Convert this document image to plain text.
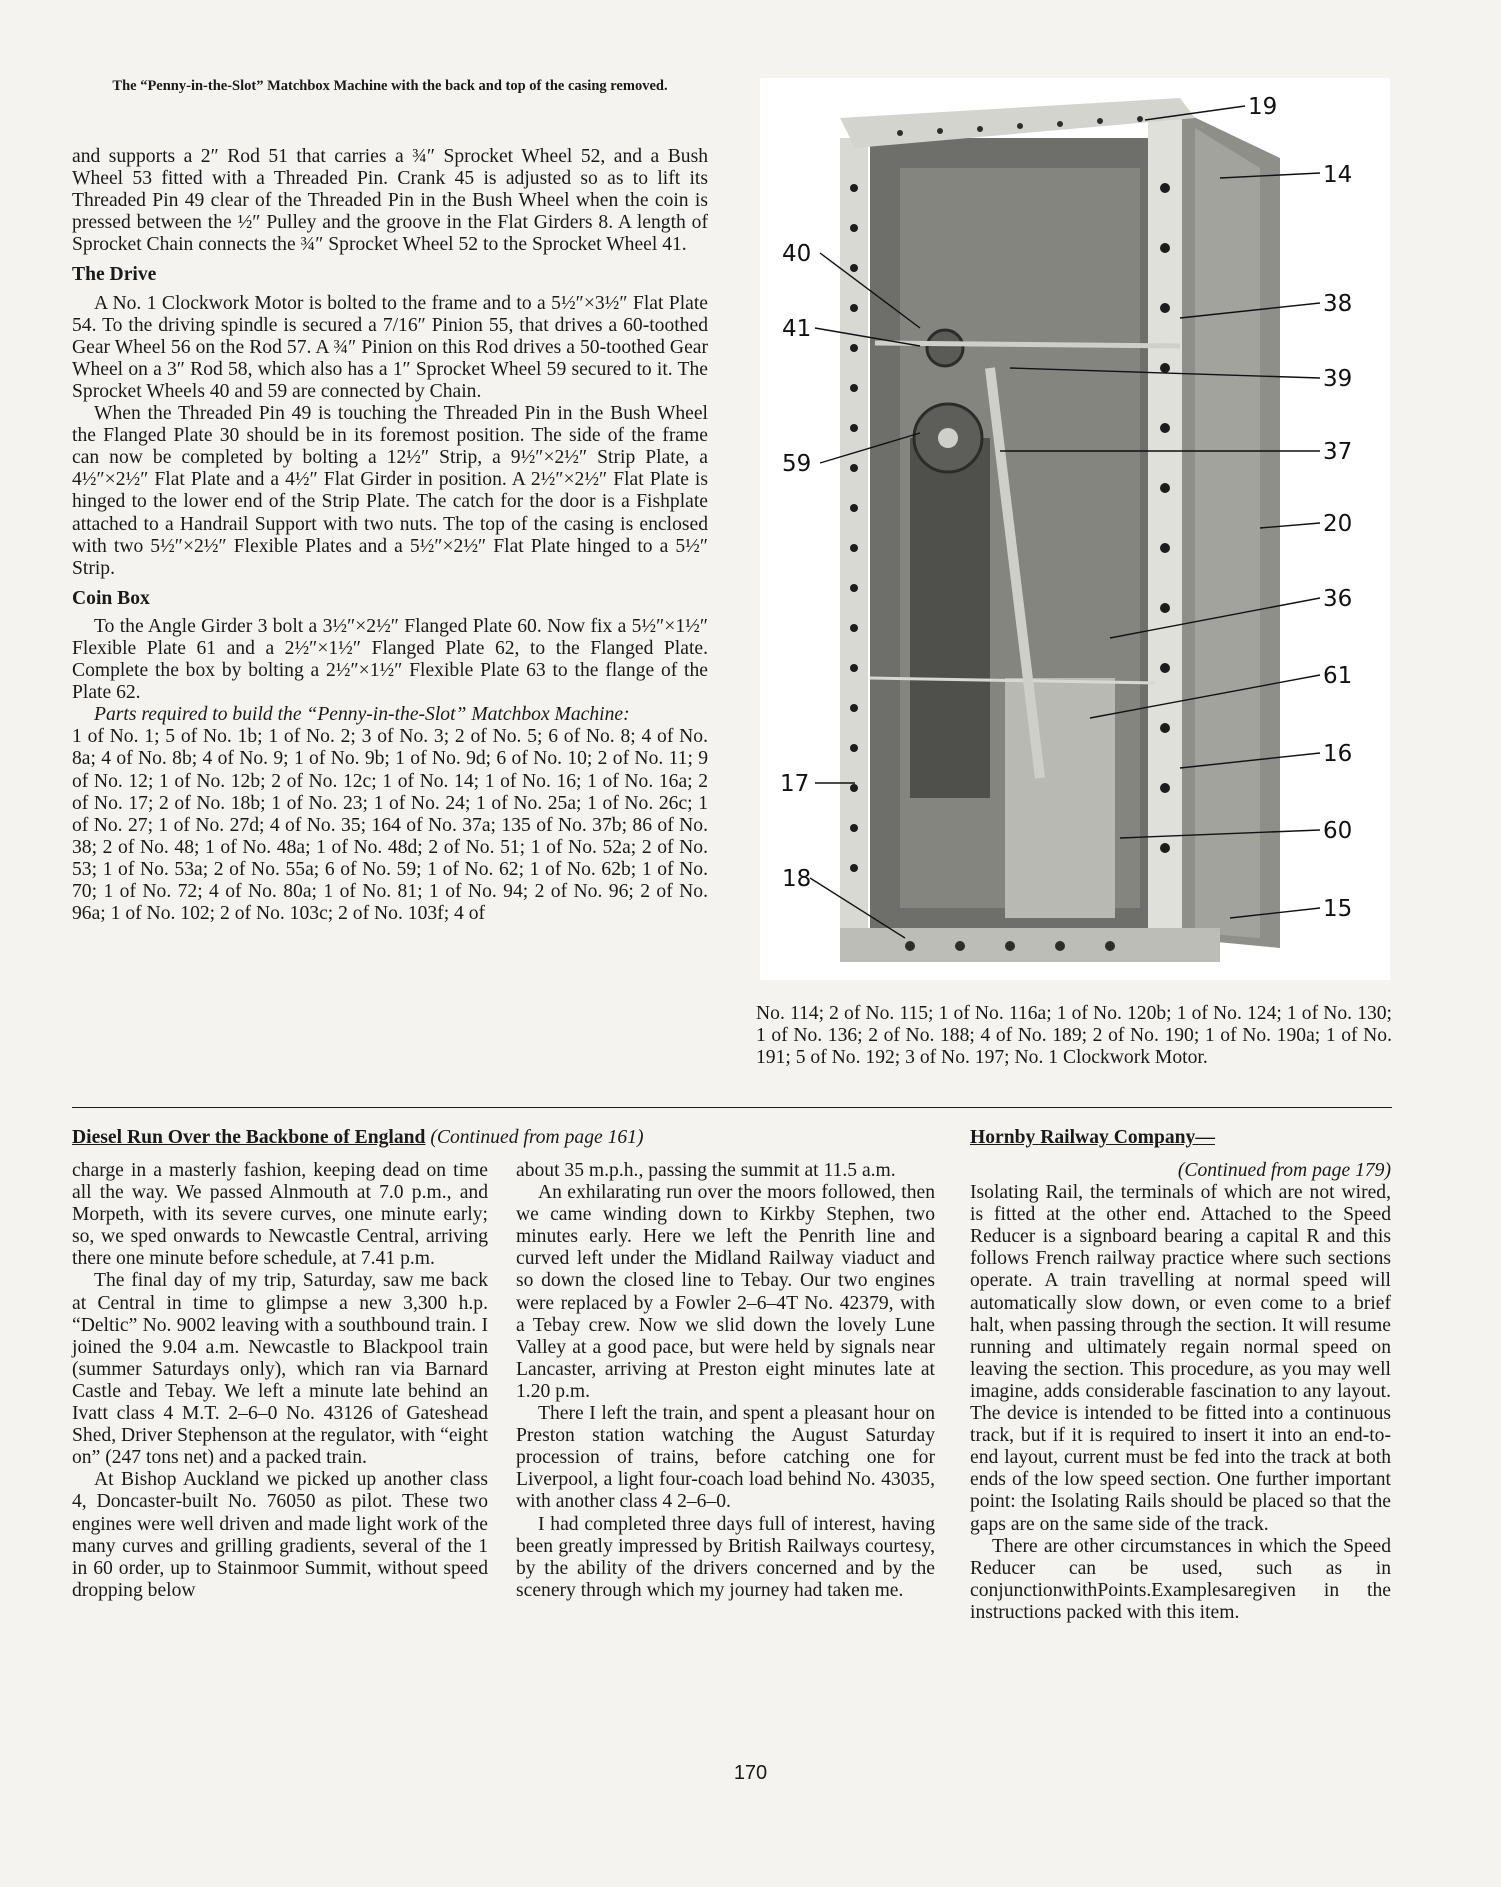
The “Penny-in-the-Slot” Matchbox Machine with the back and top of the casing removed.

and supports a 2″ Rod 51 that carries a ¾″ Sprocket Wheel 52, and a Bush Wheel 53 fitted with a Threaded Pin. Crank 45 is adjusted so as to lift its Threaded Pin 49 clear of the Threaded Pin in the Bush Wheel when the coin is pressed between the ½″ Pulley and the groove in the Flat Girders 8. A length of Sprocket Chain connects the ¾″ Sprocket Wheel 52 to the Sprocket Wheel 41.

The Drive

A No. 1 Clockwork Motor is bolted to the frame and to a 5½″×3½″ Flat Plate 54. To the driving spindle is secured a 7/16″ Pinion 55, that drives a 60-toothed Gear Wheel 56 on the Rod 57. A ¾″ Pinion on this Rod drives a 50-toothed Gear Wheel on a 3″ Rod 58, which also has a 1″ Sprocket Wheel 59 secured to it. The Sprocket Wheels 40 and 59 are connected by Chain.

When the Threaded Pin 49 is touching the Threaded Pin in the Bush Wheel the Flanged Plate 30 should be in its foremost position. The side of the frame can now be completed by bolting a 12½″ Strip, a 9½″×2½″ Strip Plate, a 4½″×2½″ Flat Plate and a 4½″ Flat Girder in position. A 2½″×2½″ Flat Plate is hinged to the lower end of the Strip Plate. The catch for the door is a Fishplate attached to a Handrail Support with two nuts. The top of the casing is enclosed with two 5½″×2½″ Flexible Plates and a 5½″×2½″ Flat Plate hinged to a 5½″ Strip.

Coin Box

To the Angle Girder 3 bolt a 3½″×2½″ Flanged Plate 60. Now fix a 5½″×1½″ Flexible Plate 61 and a 2½″×1½″ Flanged Plate 62, to the Flanged Plate. Complete the box by bolting a 2½″×1½″ Flexible Plate 63 to the flange of the Plate 62.

Parts required to build the “Penny-in-the-Slot” Matchbox Machine:

1 of No. 1; 5 of No. 1b; 1 of No. 2; 3 of No. 3; 2 of No. 5; 6 of No. 8; 4 of No. 8a; 4 of No. 8b; 4 of No. 9; 1 of No. 9b; 1 of No. 9d; 6 of No. 10; 2 of No. 11; 9 of No. 12; 1 of No. 12b; 2 of No. 12c; 1 of No. 14; 1 of No. 16; 1 of No. 16a; 2 of No. 17; 2 of No. 18b; 1 of No. 23; 1 of No. 24; 1 of No. 25a; 1 of No. 26c; 1 of No. 27; 1 of No. 27d; 4 of No. 35; 164 of No. 37a; 135 of No. 37b; 86 of No. 38; 2 of No. 48; 1 of No. 48a; 1 of No. 48d; 2 of No. 51; 1 of No. 52a; 2 of No. 53; 1 of No. 53a; 2 of No. 55a; 6 of No. 59; 1 of No. 62; 1 of No. 62b; 1 of No. 70; 1 of No. 72; 4 of No. 80a; 1 of No. 81; 1 of No. 94; 2 of No. 96; 2 of No. 96a; 1 of No. 102; 2 of No. 103c; 2 of No. 103f; 4 of

19
14
40
38
41
39
37
59
20
36
61
16
17
60
18
15

No. 114; 2 of No. 115; 1 of No. 116a; 1 of No. 120b; 1 of No. 124; 1 of No. 130; 1 of No. 136; 2 of No. 188; 4 of No. 189; 2 of No. 190; 1 of No. 190a; 1 of No. 191; 5 of No. 192; 3 of No. 197; No. 1 Clockwork Motor.

Diesel Run Over the Backbone of England (Continued from page 161)	Hornby Railway Company—

charge in a masterly fashion, keeping dead on time all the way. We passed Alnmouth at 7.0 p.m., and Morpeth, with its severe curves, one minute early; so, we sped onwards to Newcastle Central, arriving there one minute before schedule, at 7.41 p.m.

The final day of my trip, Saturday, saw me back at Central in time to glimpse a new 3,300 h.p. “Deltic” No. 9002 leaving with a southbound train. I joined the 9.04 a.m. Newcastle to Blackpool train (summer Saturdays only), which ran via Barnard Castle and Tebay. We left a minute late behind an Ivatt class 4 M.T. 2–6–0 No. 43126 of Gateshead Shed, Driver Stephenson at the regulator, with “eight on” (247 tons net) and a packed train.

At Bishop Auckland we picked up another class 4, Doncaster-built No. 76050 as pilot. These two engines were well driven and made light work of the many curves and grilling gradients, several of the 1 in 60 order, up to Stainmoor Summit, without speed dropping below

about 35 m.p.h., passing the summit at 11.5 a.m.

An exhilarating run over the moors followed, then we came winding down to Kirkby Stephen, two minutes early. Here we left the Penrith line and curved left under the Midland Railway viaduct and so down the closed line to Tebay. Our two engines were replaced by a Fowler 2–6–4T No. 42379, with a Tebay crew. Now we slid down the lovely Lune Valley at a good pace, but were held by signals near Lancaster, arriving at Preston eight minutes late at 1.20 p.m.

There I left the train, and spent a pleasant hour on Preston station watching the August Saturday procession of trains, before catching one for Liverpool, a light four-coach load behind No. 43035, with another class 4 2–6–0.

I had completed three days full of interest, having been greatly impressed by British Railways courtesy, by the ability of the drivers concerned and by the scenery through which my journey had taken me.

(Continued from page 179)

Isolating Rail, the terminals of which are not wired, is fitted at the other end. Attached to the Speed Reducer is a signboard bearing a capital R and this follows French railway practice where such sections operate. A train travelling at normal speed will automatically slow down, or even come to a brief halt, when passing through the section. It will resume running and ultimately regain normal speed on leaving the section. This procedure, as you may well imagine, adds considerable fascination to any layout. The device is intended to be fitted into a continuous track, but if it is required to insert it into an end-to-end layout, current must be fed into the track at both ends of the low speed section. One further important point: the Isolating Rails should be placed so that the gaps are on the same side of the track.

There are other circumstances in which the Speed Reducer can be used, such as in conjunctionwithPoints.Examplesaregiven in the instructions packed with this item.

170
